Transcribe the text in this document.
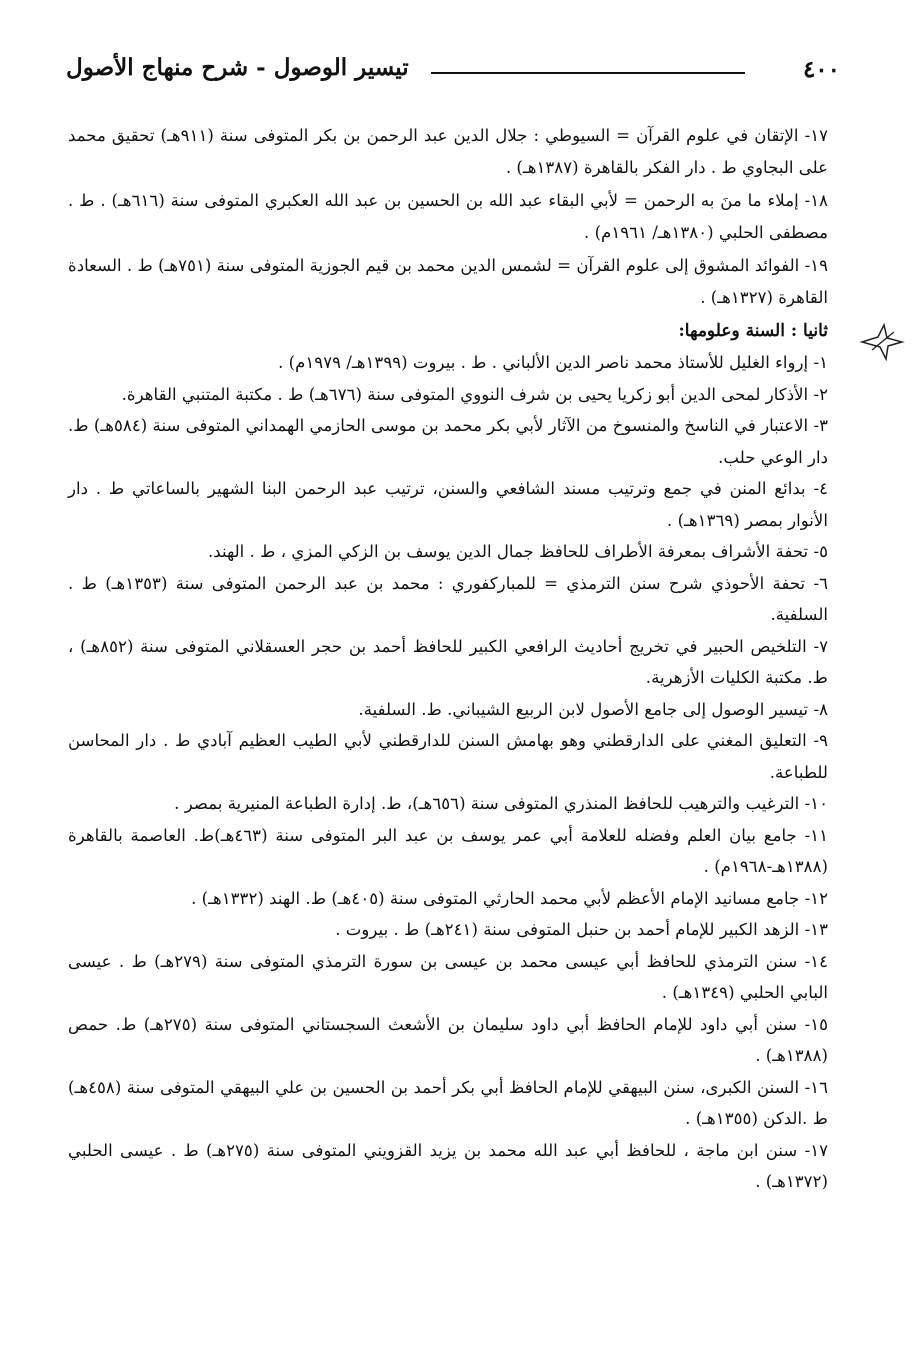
٤٠٠
تيسير الوصول - شرح منهاج الأصول
١٧- الإتقان في علوم القرآن = السيوطي : جلال الدين عبد الرحمن بن بكر المتوفى سنة (٩١١هـ) تحقيق محمد على البجاوي ط . دار الفكر بالقاهرة (١٣٨٧هـ) .
١٨- إملاء ما منَ به الرحمن = لأبي البقاء عبد الله بن الحسين بن عبد الله العكبري المتوفى سنة (٦١٦هـ) . ط . مصطفى الحلبي (١٣٨٠هـ/ ١٩٦١م) .
١٩- الفوائد المشوق إلى علوم القرآن = لشمس الدين محمد بن قيم الجوزية المتوفى سنة (٧٥١هـ) ط . السعادة القاهرة (١٣٢٧هـ) .
ثانيا : السنة وعلومها:
١- إرواء الغليل للأستاذ محمد ناصر الدين الألباني . ط . بيروت (١٣٩٩هـ/ ١٩٧٩م) .
٢- الأذكار لمحى الدين أبو زكريا يحيى بن شرف النووي المتوفى سنة (٦٧٦هـ) ط . مكتبة المتنبي القاهرة.
٣- الاعتبار في الناسخ والمنسوخ من الآثار لأبي بكر محمد بن موسى الحازمي الهمداني المتوفى سنة (٥٨٤هـ) ط. دار الوعي حلب.
٤- بدائع المنن في جمع وترتيب مسند الشافعي والسنن، ترتيب عبد الرحمن البنا الشهير بالساعاتي ط . دار الأنوار بمصر (١٣٦٩هـ) .
٥- تحفة الأشراف بمعرفة الأطراف للحافظ جمال الدين يوسف بن الزكي المزي ، ط . الهند.
٦- تحفة الأحوذي شرح سنن الترمذي = للمباركفوري : محمد بن عبد الرحمن المتوفى سنة (١٣٥٣هـ) ط . السلفية.
٧- التلخيص الحبير في تخريج أحاديث الرافعي الكبير للحافظ أحمد بن حجر العسقلاني المتوفى سنة (٨٥٢هـ) ، ط. مكتبة الكليات الأزهرية.
٨- تيسير الوصول إلى جامع الأصول لابن الربيع الشيباني. ط. السلفية.
٩- التعليق المغني على الدارقطني وهو بهامش السنن للدارقطني لأبي الطيب العظيم آبادي ط . دار المحاسن للطباعة.
١٠- الترغيب والترهيب للحافظ المنذري المتوفى سنة (٦٥٦هـ)، ط. إدارة الطباعة المنيرية بمصر .
١١- جامع بيان العلم وفضله للعلامة أبي عمر يوسف بن عبد البر المتوفى سنة (٤٦٣هـ)ط. العاصمة بالقاهرة (١٣٨٨هـ-١٩٦٨م) .
١٢- جامع مسانيد الإمام الأعظم لأبي محمد الحارثي المتوفى سنة (٤٠٥هـ) ط. الهند (١٣٣٢هـ) .
١٣- الزهد الكبير للإمام أحمد بن حنبل المتوفى سنة (٢٤١هـ) ط . بيروت .
١٤- سنن الترمذي للحافظ أبي عيسى محمد بن عيسى بن سورة الترمذي المتوفى سنة (٢٧٩هـ) ط . عيسى البابي الحلبي (١٣٤٩هـ) .
١٥- سنن أبي داود للإمام الحافظ أبي داود سليمان بن الأشعث السجستاني المتوفى سنة (٢٧٥هـ) ط. حمص (١٣٨٨هـ) .
١٦- السنن الكبرى، سنن البيهقي للإمام الحافظ أبي بكر أحمد بن الحسين بن علي البيهقي المتوفى سنة (٤٥٨هـ) ط .الدكن (١٣٥٥هـ) .
١٧- سنن ابن ماجة ، للحافظ أبي عبد الله محمد بن يزيد القزويني المتوفى سنة (٢٧٥هـ) ط . عيسى الحلبي (١٣٧٢هـ) .
